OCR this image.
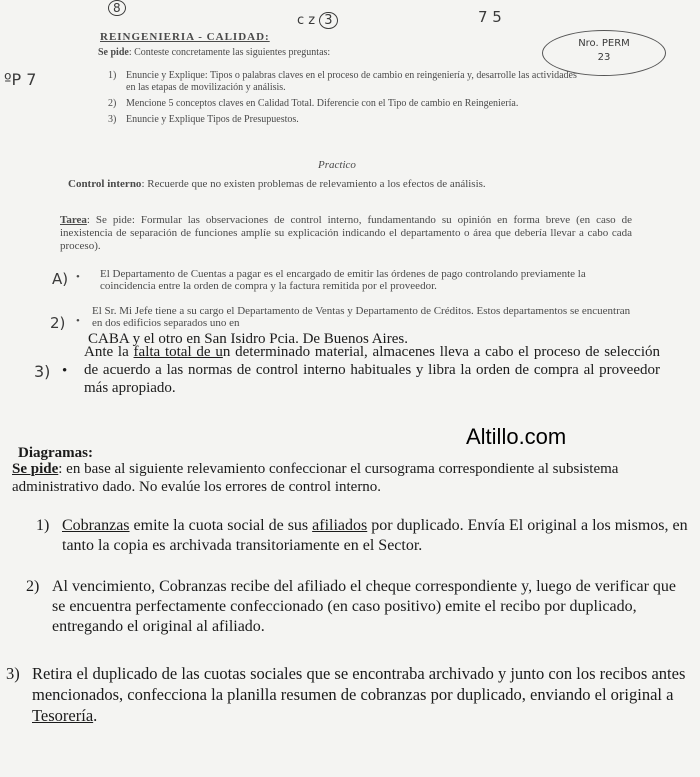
8
c z 3	7 5
Nro. PERM
23
ºP 7
REINGENIERIA - CALIDAD:
Se pide: Conteste concretamente las siguientes preguntas:
1) Enuncie y Explique: Tipos o palabras claves en el proceso de cambio en reingeniería y, desarrolle las actividades en las etapas de movilización y análisis.
2) Mencione 5 conceptos claves en Calidad Total. Diferencie con el Tipo de cambio en Reingeniería.
3) Enuncie y Explique Tipos de Presupuestos.
Practico
Control interno: Recuerde que no existen problemas de relevamiento a los efectos de análisis.
Tarea: Se pide: Formular las observaciones de control interno, fundamentando su opinión en forma breve (en caso de inexistencia de separación de funciones amplíe su explicación indicando el departamento o área que debería llevar a cabo cada proceso).
A) • El Departamento de Cuentas a pagar es el encargado de emitir las órdenes de pago controlando previamente la coincidencia entre la orden de compra y la factura remitida por el proveedor.
2) •
El Sr. Mi Jefe tiene a su cargo el Departamento de Ventas y Departamento de Créditos. Estos departamentos se encuentran en dos edificios separados uno en
CABA y el otro en San Isidro Pcia. De Buenos Aires.
3) •
Ante la falta total de un determinado material, almacenes lleva a cabo el proceso de selección de acuerdo a las normas de control interno habituales y libra la orden de compra al proveedor más apropiado.
Altillo.com
Diagramas:
Se pide: en base al siguiente relevamiento confeccionar el cursograma correspondiente al subsistema administrativo dado. No evalúe los errores de control interno.
1) Cobranzas emite la cuota social de sus afiliados por duplicado. Envía El original a los mismos, en tanto la copia es archivada transitoriamente en el Sector.
2) Al vencimiento, Cobranzas recibe del afiliado el cheque correspondiente y, luego de verificar que se encuentra perfectamente confeccionado (en caso positivo) emite el recibo por duplicado, entregando el original al afiliado.
3) Retira el duplicado de las cuotas sociales que se encontraba archivado y junto con los recibos antes mencionados, confecciona la planilla resumen de cobranzas por duplicado, enviando el original a Tesorería.
